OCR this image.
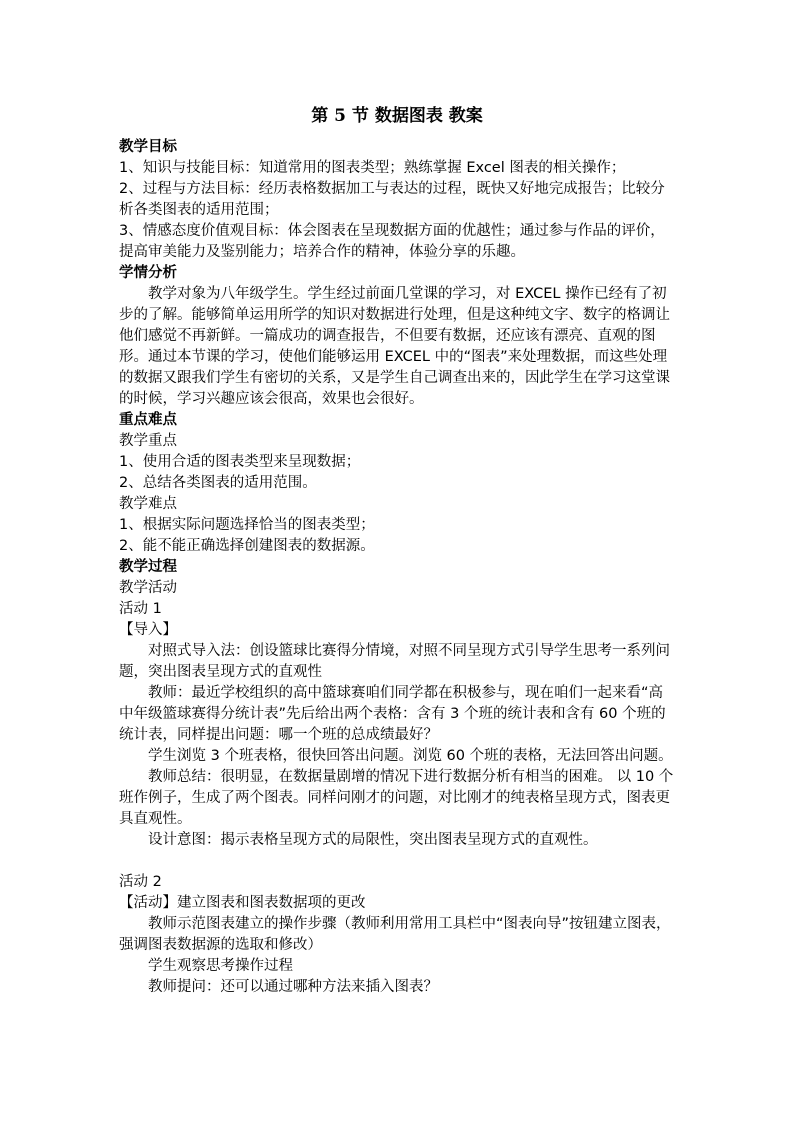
第 5 节 数据图表 教案

教学目标

1、知识与技能目标：知道常用的图表类型；熟练掌握 Excel 图表的相关操作；

2、过程与方法目标：经历表格数据加工与表达的过程，既快又好地完成报告；比较分析各类图表的适用范围；

3、情感态度价值观目标：体会图表在呈现数据方面的优越性；通过参与作品的评价，提高审美能力及鉴别能力；培养合作的精神，体验分享的乐趣。

学情分析

教学对象为八年级学生。学生经过前面几堂课的学习，对 EXCEL 操作已经有了初步的了解。能够简单运用所学的知识对数据进行处理，但是这种纯文字、数字的格调让他们感觉不再新鲜。一篇成功的调查报告，不但要有数据，还应该有漂亮、直观的图形。通过本节课的学习，使他们能够运用 EXCEL 中的“图表”来处理数据，而这些处理的数据又跟我们学生有密切的关系，又是学生自己调查出来的，因此学生在学习这堂课的时候，学习兴趣应该会很高，效果也会很好。

重点难点

教学重点

1、使用合适的图表类型来呈现数据；

2、总结各类图表的适用范围。

教学难点

1、根据实际问题选择恰当的图表类型；

2、能不能正确选择创建图表的数据源。

教学过程

教学活动

活动 1

【导入】

对照式导入法：创设篮球比赛得分情境，对照不同呈现方式引导学生思考一系列问题，突出图表呈现方式的直观性

教师：最近学校组织的高中篮球赛咱们同学都在积极参与，现在咱们一起来看“高中年级篮球赛得分统计表”先后给出两个表格：含有 3 个班的统计表和含有 60 个班的统计表，同样提出问题：哪一个班的总成绩最好？

学生浏览 3 个班表格，很快回答出问题。浏览 60 个班的表格，无法回答出问题。

教师总结：很明显，在数据量剧增的情况下进行数据分析有相当的困难。 以 10 个班作例子，生成了两个图表。同样问刚才的问题，对比刚才的纯表格呈现方式，图表更具直观性。

设计意图：揭示表格呈现方式的局限性，突出图表呈现方式的直观性。

活动 2

【活动】建立图表和图表数据项的更改

教师示范图表建立的操作步骤（教师利用常用工具栏中“图表向导”按钮建立图表，强调图表数据源的选取和修改）

学生观察思考操作过程

教师提问：还可以通过哪种方法来插入图表？
